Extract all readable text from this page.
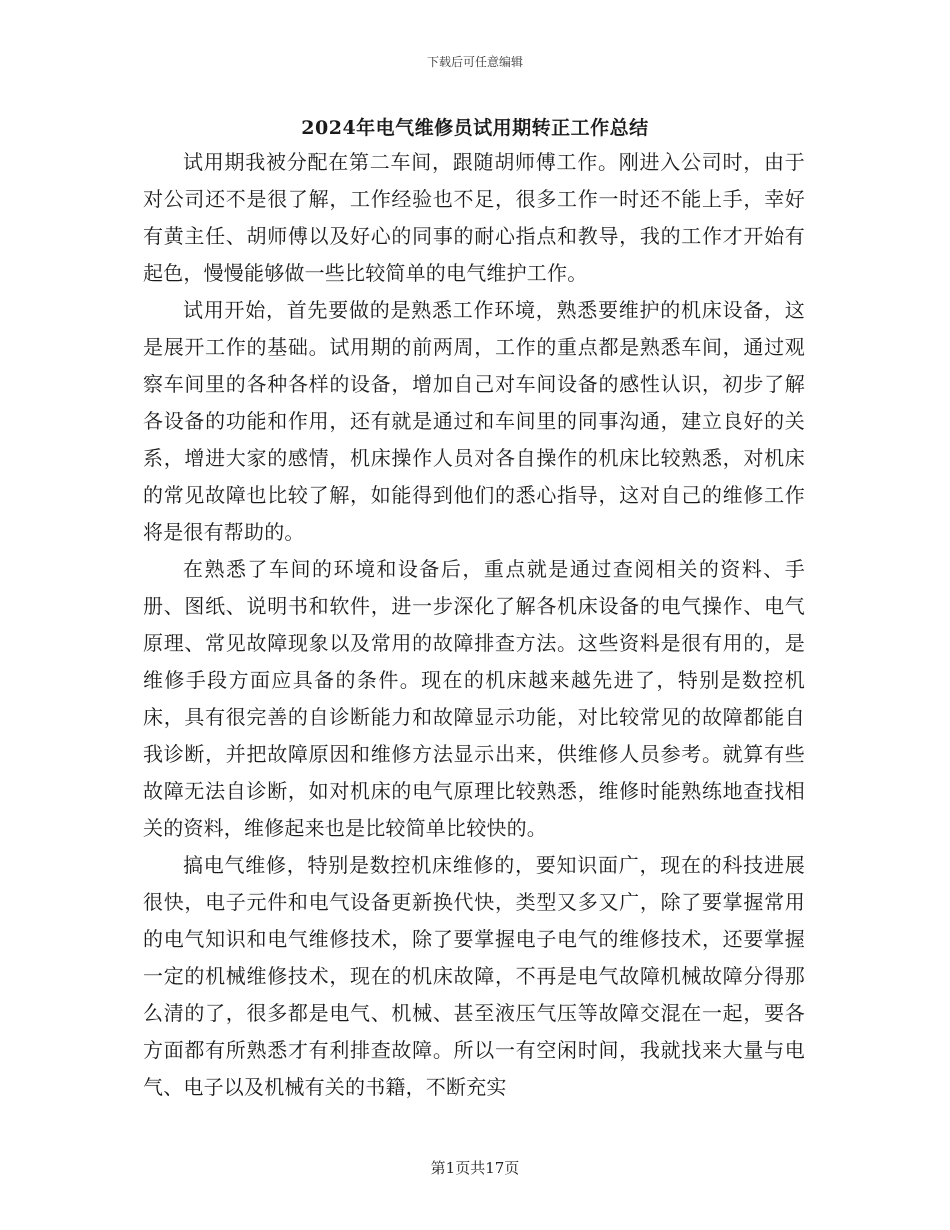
下载后可任意编辑
2024年电气维修员试用期转正工作总结

试用期我被分配在第二车间，跟随胡师傅工作。刚进入公司时，由于对公司还不是很了解，工作经验也不足，很多工作一时还不能上手，幸好有黄主任、胡师傅以及好心的同事的耐心指点和教导，我的工作才开始有起色，慢慢能够做一些比较简单的电气维护工作。

试用开始，首先要做的是熟悉工作环境，熟悉要维护的机床设备，这是展开工作的基础。试用期的前两周，工作的重点都是熟悉车间，通过观察车间里的各种各样的设备，增加自己对车间设备的感性认识，初步了解各设备的功能和作用，还有就是通过和车间里的同事沟通，建立良好的关系，增进大家的感情，机床操作人员对各自操作的机床比较熟悉，对机床的常见故障也比较了解，如能得到他们的悉心指导，这对自己的维修工作将是很有帮助的。

在熟悉了车间的环境和设备后，重点就是通过查阅相关的资料、手册、图纸、说明书和软件，进一步深化了解各机床设备的电气操作、电气原理、常见故障现象以及常用的故障排查方法。这些资料是很有用的，是维修手段方面应具备的条件。现在的机床越来越先进了，特别是数控机床，具有很完善的自诊断能力和故障显示功能，对比较常见的故障都能自我诊断，并把故障原因和维修方法显示出来，供维修人员参考。就算有些故障无法自诊断，如对机床的电气原理比较熟悉，维修时能熟练地查找相关的资料，维修起来也是比较简单比较快的。

搞电气维修，特别是数控机床维修的，要知识面广，现在的科技进展很快，电子元件和电气设备更新换代快，类型又多又广，除了要掌握常用的电气知识和电气维修技术，除了要掌握电子电气的维修技术，还要掌握一定的机械维修技术，现在的机床故障，不再是电气故障机械故障分得那么清的了，很多都是电气、机械、甚至液压气压等故障交混在一起，要各方面都有所熟悉才有利排查故障。所以一有空闲时间，我就找来大量与电气、电子以及机械有关的书籍，不断充实

第1页共17页
